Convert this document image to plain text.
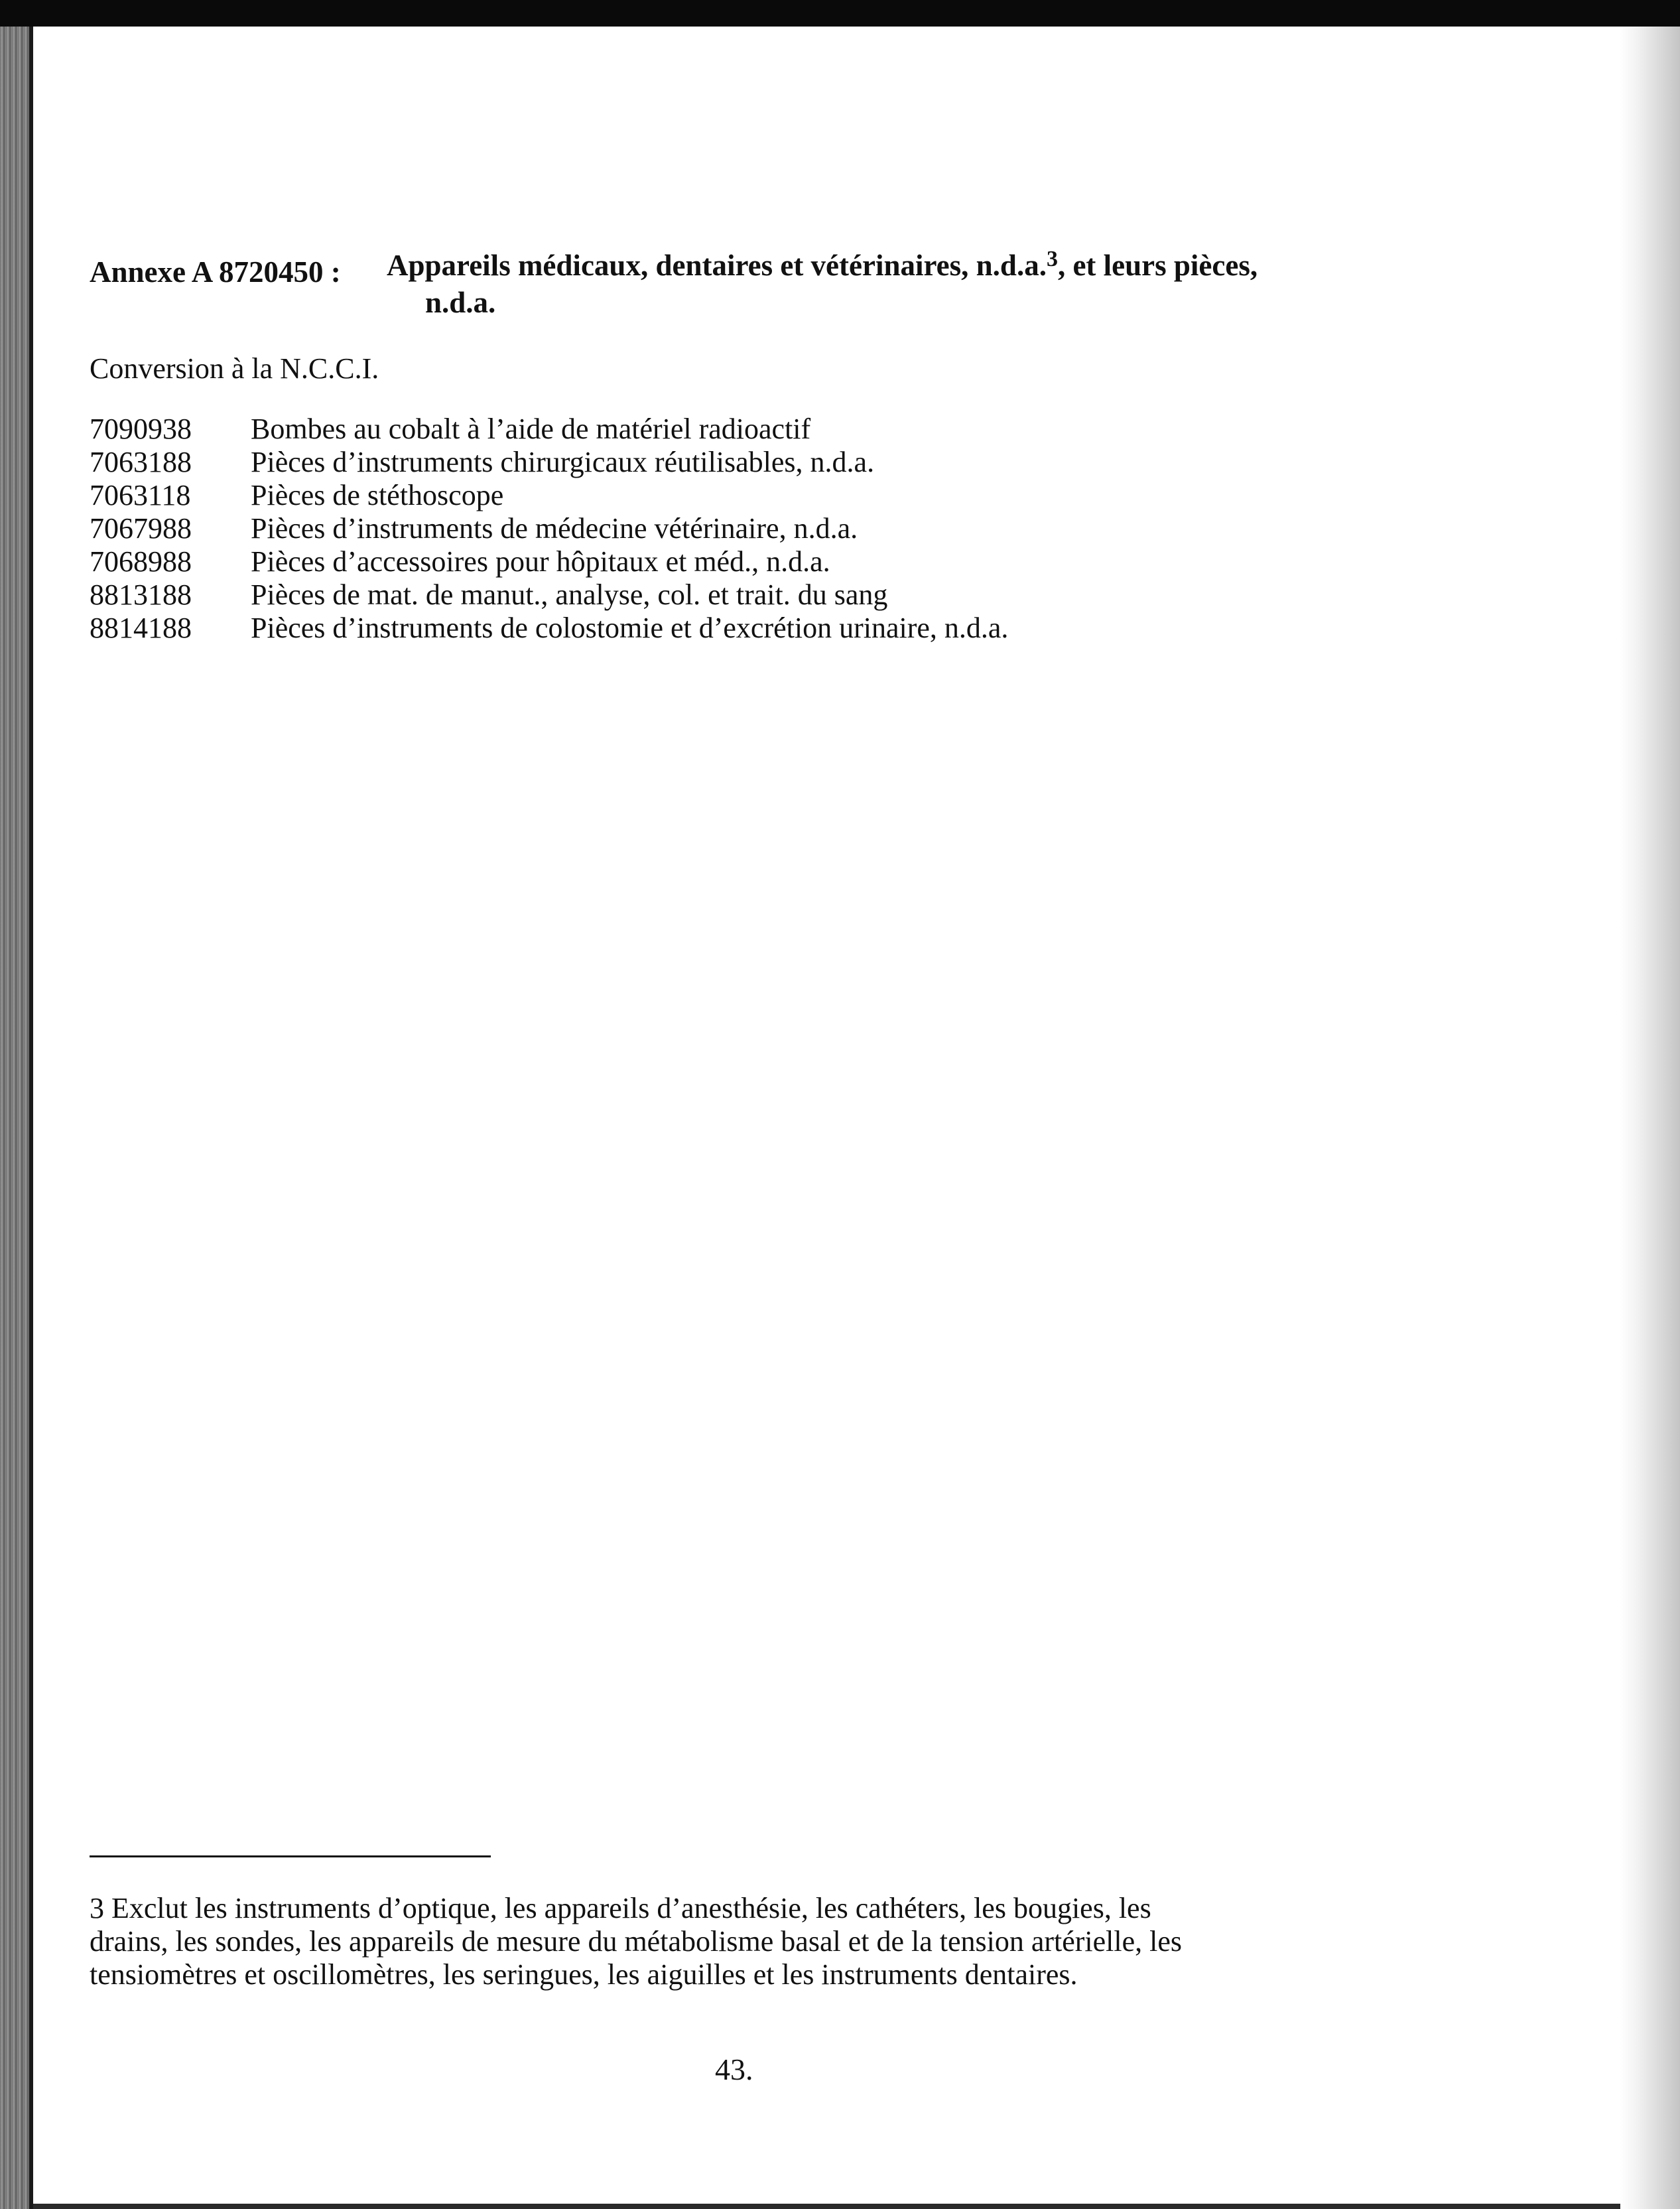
Annexe A 8720450 : Appareils médicaux, dentaires et vétérinaires, n.d.a.$^3$, et leurs pièces,
n.d.a.
Conversion à la N.C.C.I.
7090938	Bombes au cobalt à l’aide de matériel radioactif
7063188	Pièces d’instruments chirurgicaux réutilisables, n.d.a.
7063118	Pièces de stéthoscope
7067988	Pièces d’instruments de médecine vétérinaire, n.d.a.
7068988	Pièces d’accessoires pour hôpitaux et méd., n.d.a.
8813188	Pièces de mat. de manut., analyse, col. et trait. du sang
8814188	Pièces d’instruments de colostomie et d’excrétion urinaire, n.d.a.
3 Exclut les instruments d’optique, les appareils d’anesthésie, les cathéters, les bougies, les
drains, les sondes, les appareils de mesure du métabolisme basal et de la tension artérielle, les
tensiomètres et oscillomètres, les seringues, les aiguilles et les instruments dentaires.
43.
